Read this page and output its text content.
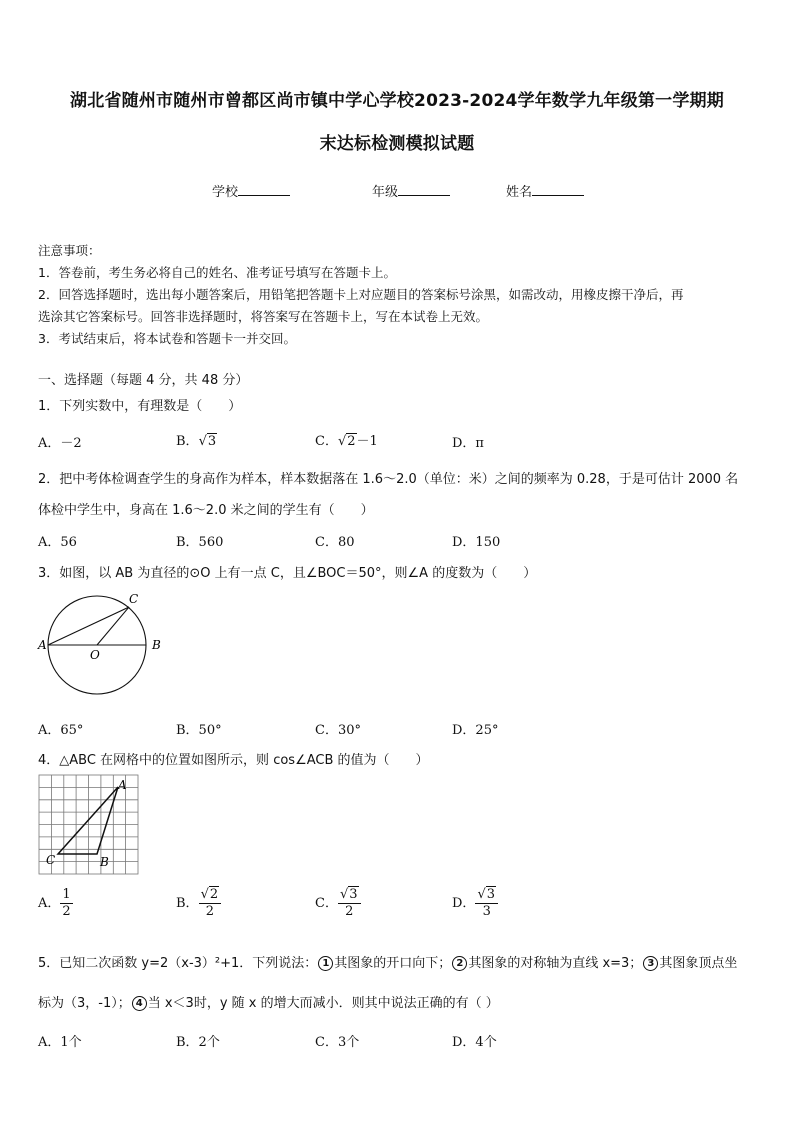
湖北省随州市随州市曾都区尚市镇中学心学校2023-2024学年数学九年级第一学期期
末达标检测模拟试题
学校	年级	姓名
注意事项：
1．答卷前，考生务必将自己的姓名、准考证号填写在答题卡上。
2．回答选择题时，选出每小题答案后，用铅笔把答题卡上对应题目的答案标号涂黑，如需改动，用橡皮擦干净后，再
选涂其它答案标号。回答非选择题时，将答案写在答题卡上，写在本试卷上无效。
3．考试结束后，将本试卷和答题卡一并交回。
一、选择题（每题 4 分，共 48 分）
1．下列实数中，有理数是（　　）
A．－2	B．√3	C．√2－1	D．π
2．把中考体检调查学生的身高作为样本，样本数据落在 1.6～2.0（单位：米）之间的频率为 0.28，于是可估计 2000 名
体检中学生中，身高在 1.6～2.0 米之间的学生有（　　）
A．56	B．560	C．80	D．150
3．如图，以 AB 为直径的⊙O 上有一点 C，且∠BOC＝50°，则∠A 的度数为（　　）
A	B
C
O
A．65°	B．50°	C．30°	D．25°
4．△ABC 在网格中的位置如图所示，则 cos∠ACB 的值为（　　）
A
B
C
A． $\frac{1}{2}$	B． $\frac{√2}{2}$	C． $\frac{√3}{2}$	D． $\frac{√3}{3}$
5．已知二次函数 y=2（x-3）²+1．下列说法： 1 其图象的开口向下； 2 其图象的对称轴为直线 x=3； 3 其图象顶点坐
标为（3，-1）； 4 当 x＜3时，y 随 x 的增大而减小．则其中说法正确的有（ ）
A．1个	B．2个	C．3个	D．4个
